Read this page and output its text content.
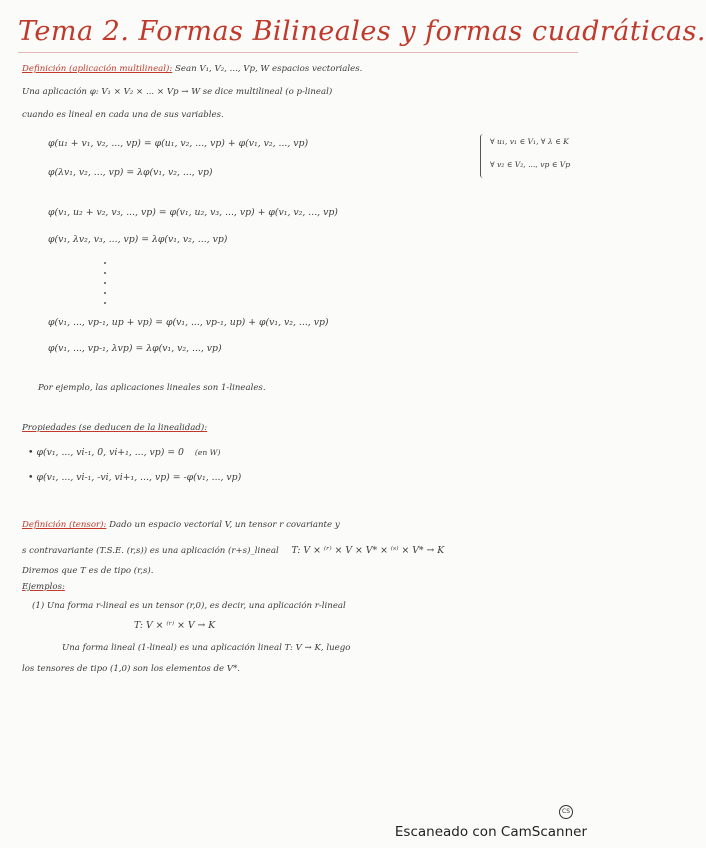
Tema 2. Formas Bilineales y formas cuadráticas.
Definición (aplicación multilineal): Sean V₁, V₂, ..., Vp, W espacios vectoriales.
Una aplicación φ: V₁ × V₂ × ... × Vp → W se dice multilineal (o p-lineal)
cuando es lineal en cada una de sus variables.
φ(u₁ + v₁, v₂, ..., vp) = φ(u₁, v₂, ..., vp) + φ(v₁, v₂, ..., vp)
φ(λv₁, v₂, ..., vp) = λφ(v₁, v₂, ..., vp)
∀ u₁, v₁ ∈ V₁, ∀ λ ∈ K
∀ v₂ ∈ V₂, ..., vp ∈ Vp
φ(v₁, u₂ + v₂, v₃, ..., vp) = φ(v₁, u₂, v₃, ..., vp) + φ(v₁, v₂, ..., vp)
φ(v₁, λv₂, v₃, ..., vp) = λφ(v₁, v₂, ..., vp)
φ(v₁, ..., vp-₁, up + vp) = φ(v₁, ..., vp-₁, up) + φ(v₁, v₂, ..., vp)
φ(v₁, ..., vp-₁, λvp) = λφ(v₁, v₂, ..., vp)
Por ejemplo, las aplicaciones lineales son 1-lineales.
Propiedades (se deducen de la linealidad):
• φ(v₁, ..., vi-₁, 0, vi+₁, ..., vp) = 0 (en W)
• φ(v₁, ..., vi-₁, -vi, vi+₁, ..., vp) = -φ(v₁, ..., vp)
Definición (tensor): Dado un espacio vectorial V, un tensor r covariante y
s contravariante (T.S.E. (r,s)) es una aplicación (r+s)_lineal T: V × ⁽ʳ⁾ × V × V* × ⁽ˢ⁾ × V* → K
Diremos que T es de tipo (r,s).
Ejemplos:
(1) Una forma r-lineal es un tensor (r,0), es decir, una aplicación r-lineal
T: V × ⁽ʳ⁾ × V → K
Una forma lineal (1-lineal) es una aplicación lineal T: V → K, luego
los tensores de tipo (1,0) son los elementos de V*.
CS
Escaneado con CamScanner
